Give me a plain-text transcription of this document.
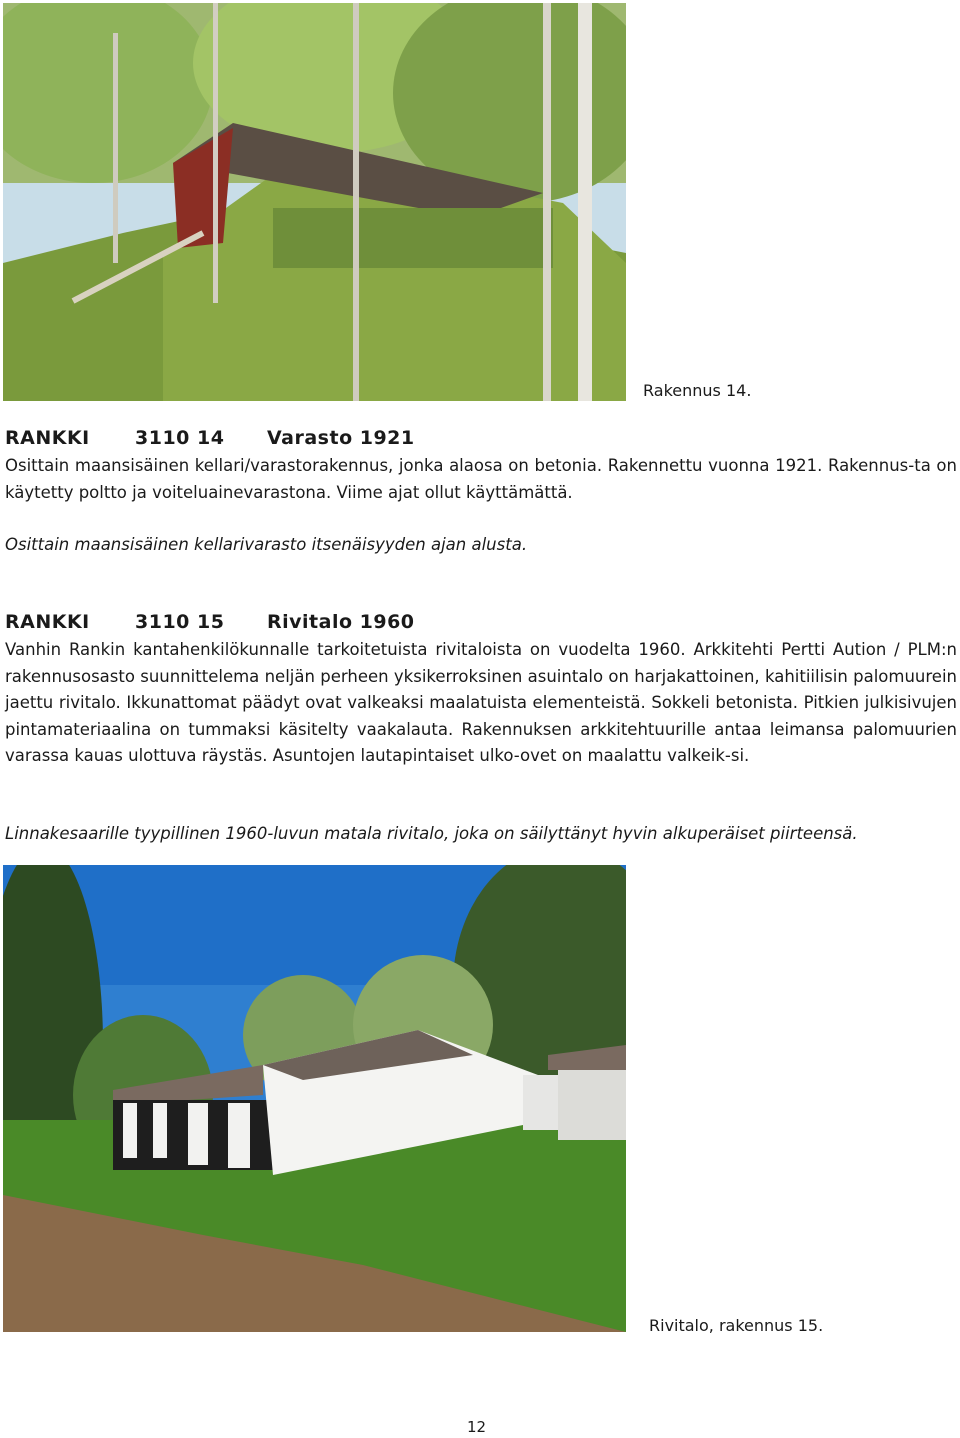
Rakennus 14.
RANKKI 3110 14 Varasto 1921
Osittain maansisäinen kellari/varastorakennus, jonka alaosa on betonia. Rakennettu vuonna 1921. Rakennus-ta on käytetty poltto ja voiteluainevarastona. Viime ajat ollut käyttämättä.
Osittain maansisäinen kellarivarasto itsenäisyyden ajan alusta.
RANKKI 3110 15 Rivitalo 1960
Vanhin Rankin kantahenkilökunnalle tarkoitetuista rivitaloista on vuodelta 1960. Arkkitehti Pertti Aution / PLM:n rakennusosasto suunnittelema neljän perheen yksikerroksinen asuintalo on harjakattoinen, kahitiilisin palomuurein jaettu rivitalo. Ikkunattomat päädyt ovat valkeaksi maalatuista elementeistä. Sokkeli betonista. Pitkien julkisivujen pintamateriaalina on tummaksi käsitelty vaakalauta. Rakennuksen arkkitehtuurille antaa leimansa palomuurien varassa kauas ulottuva räystäs. Asuntojen lautapintaiset ulko-ovet on maalattu valkeik-si.
Linnakesaarille tyypillinen 1960-luvun matala rivitalo, joka on säilyttänyt hyvin alkuperäiset piirteensä.
Rivitalo, rakennus 15.
12
